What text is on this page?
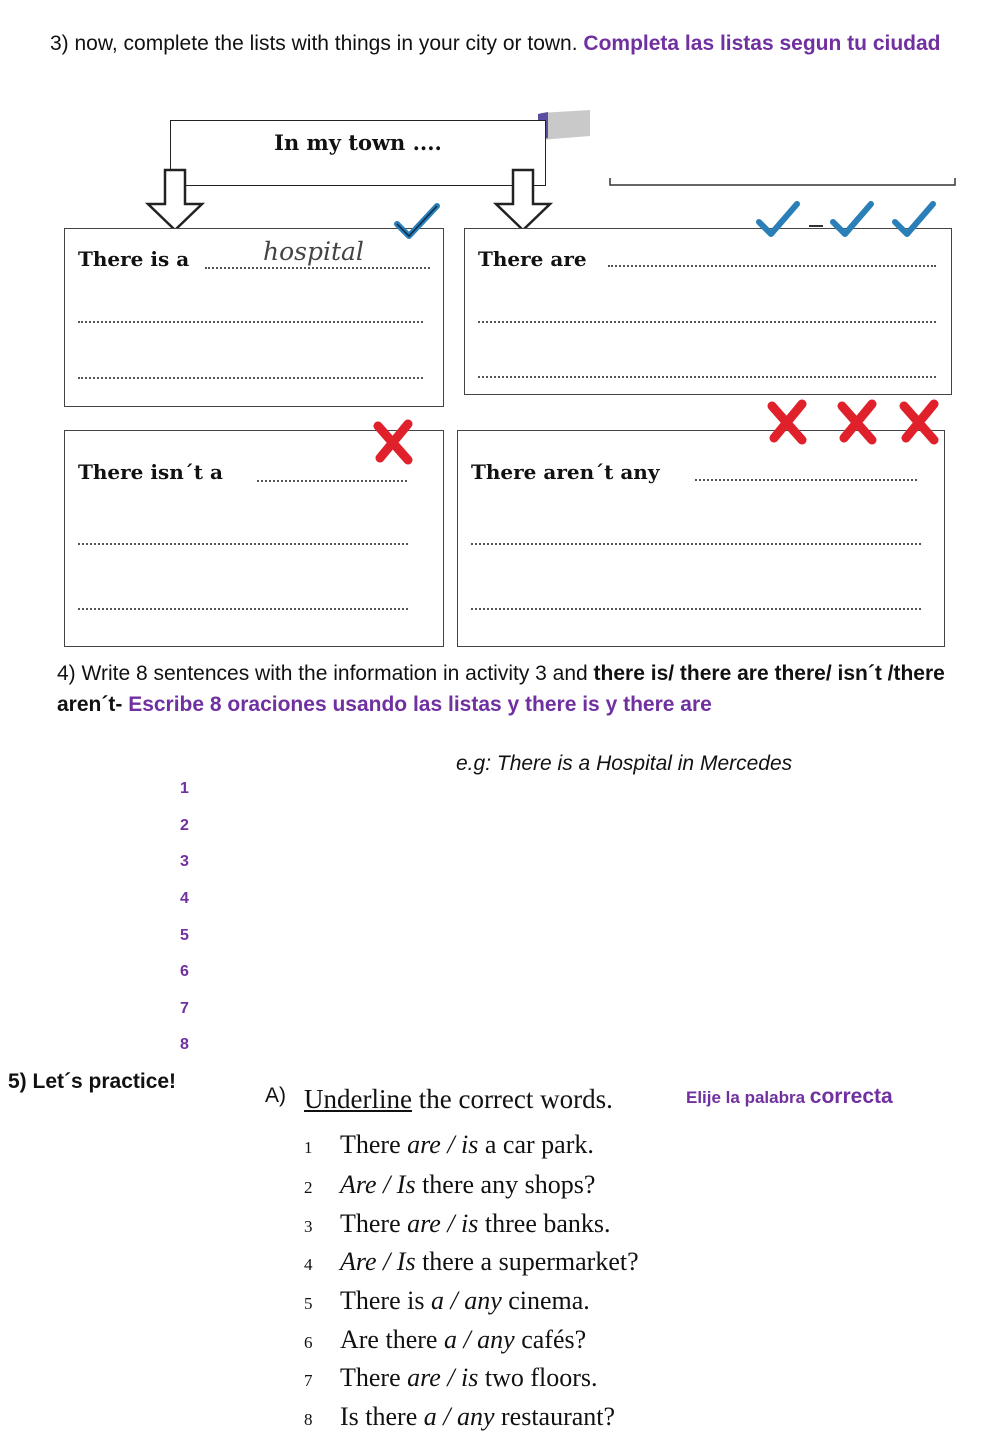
3) now, complete the lists with things in your city or town. Completa las listas segun tu ciudad
In my town ....
There is a	hospital	There are
There isn´t a	There aren´t any
4) Write 8 sentences with the information in activity 3 and there is/ there are there/ isn´t /there aren´t- Escribe 8 oraciones usando las listas y there is y there are
e.g: There is a Hospital in Mercedes
1
2
3
4
5
6
7
8
5) Let´s practice!
A) Underline the correct words.	Elije la palabra correcta
1 There are / is a car park.
2 Are / Is there any shops?
3 There are / is three banks.
4 Are / Is there a supermarket?
5 There is a / any cinema.
6 Are there a / any cafés?
7 There are / is two floors.
8 Is there a / any restaurant?
